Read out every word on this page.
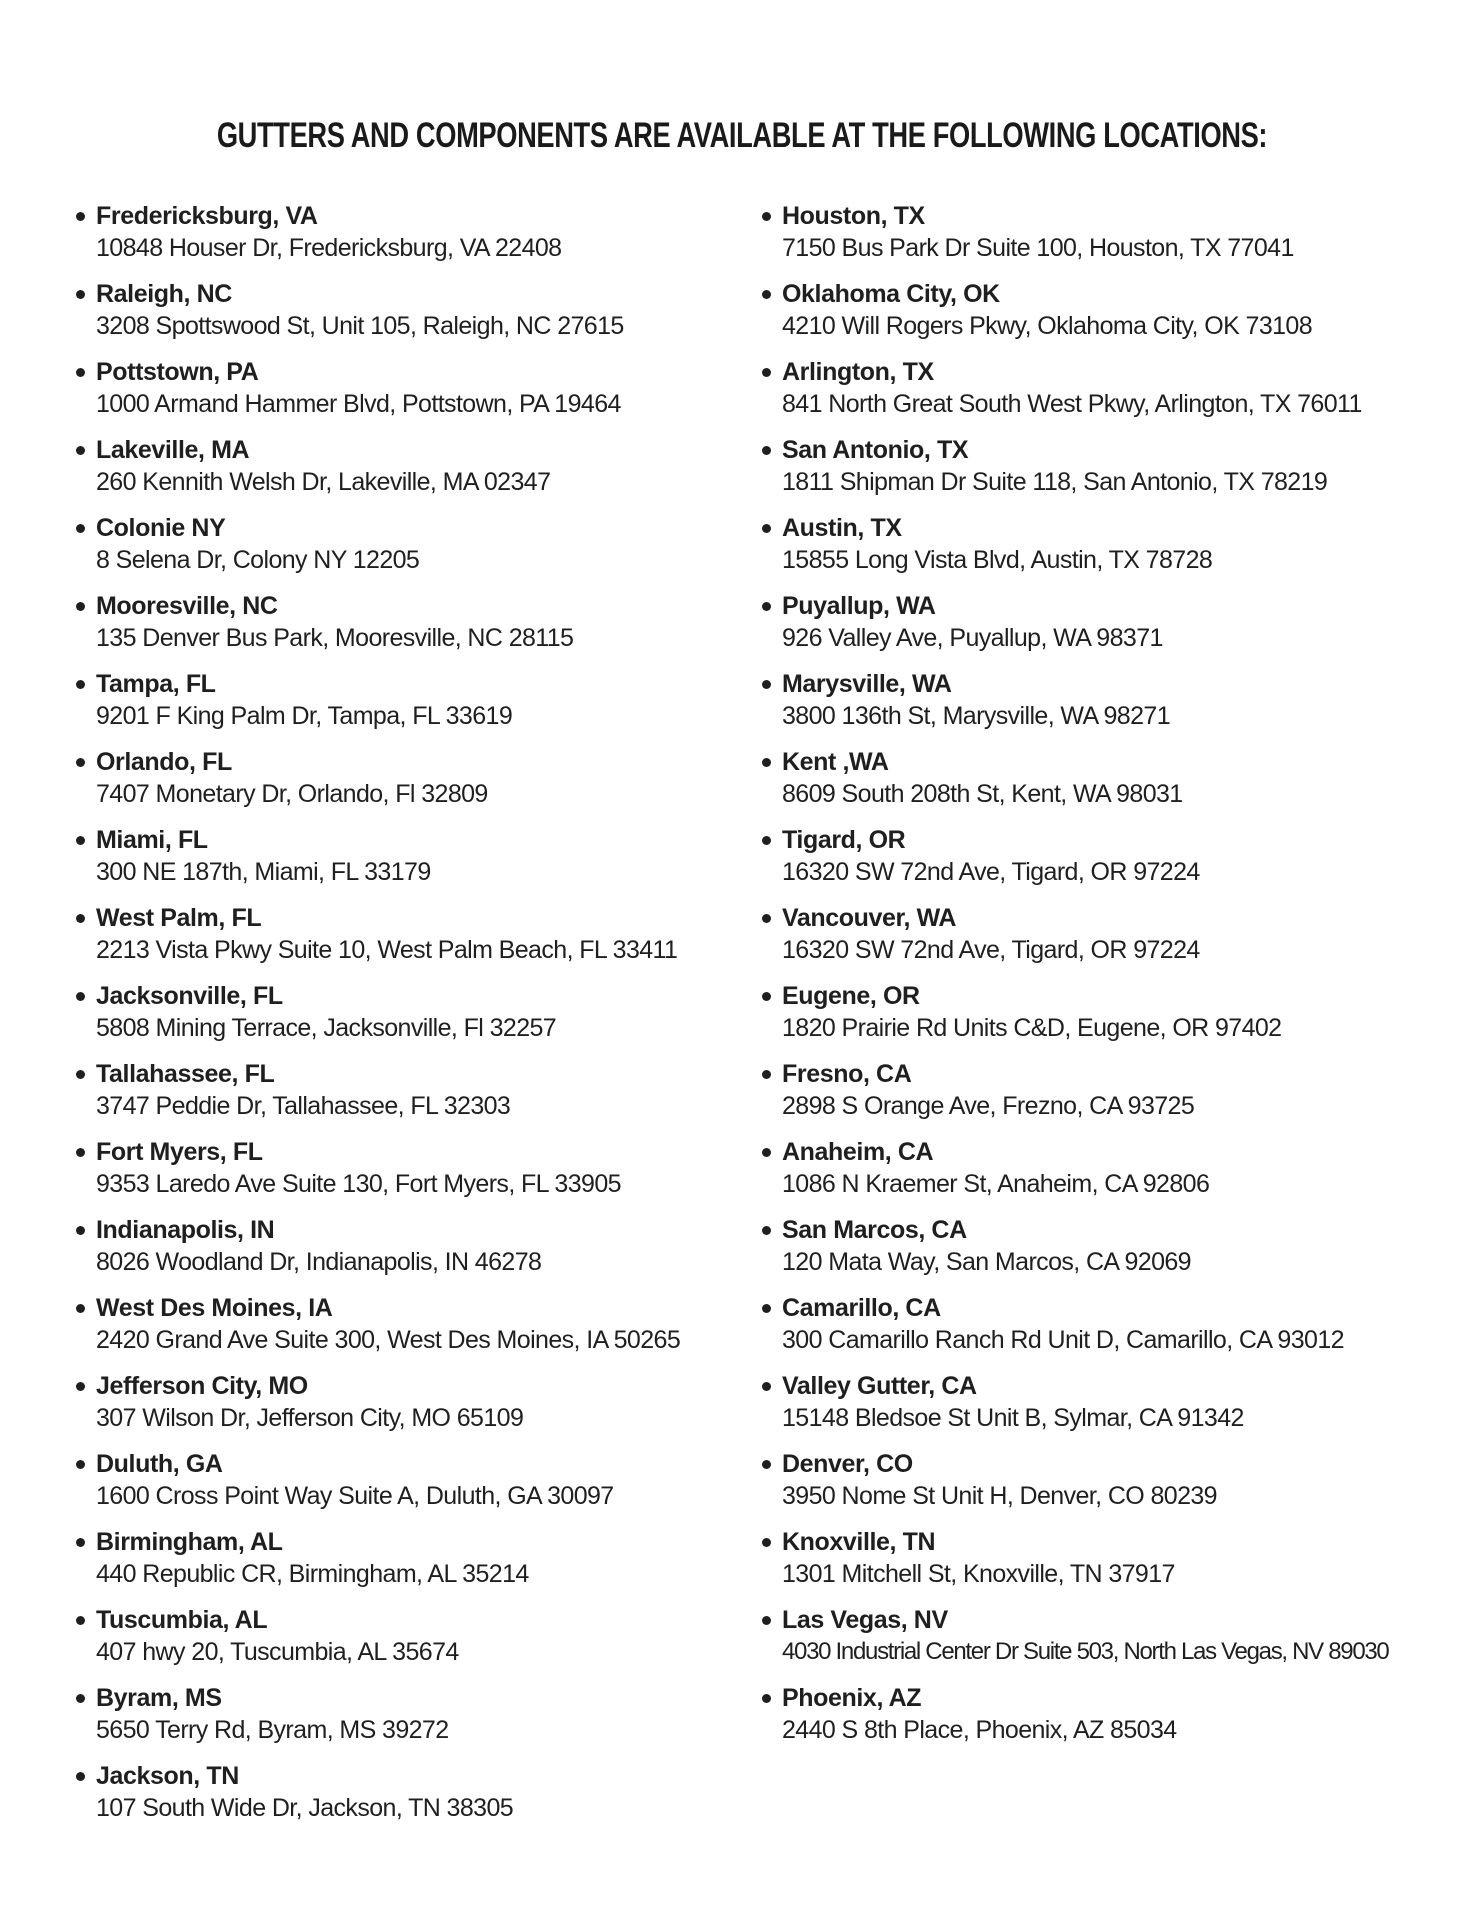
GUTTERS AND COMPONENTS ARE AVAILABLE AT THE FOLLOWING LOCATIONS:
Fredericksburg, VA
10848 Houser Dr, Fredericksburg, VA 22408
Raleigh, NC
3208 Spottswood St, Unit 105, Raleigh, NC 27615
Pottstown, PA
1000 Armand Hammer Blvd, Pottstown, PA 19464
Lakeville, MA
260 Kennith Welsh Dr, Lakeville, MA 02347
Colonie NY
8 Selena Dr, Colony NY 12205
Mooresville, NC
135 Denver Bus Park, Mooresville, NC 28115
Tampa, FL
9201 F King Palm Dr, Tampa, FL 33619
Orlando, FL
7407 Monetary Dr, Orlando, Fl 32809
Miami, FL
300 NE 187th, Miami, FL 33179
West Palm, FL
2213 Vista Pkwy Suite 10, West Palm Beach, FL 33411
Jacksonville, FL
5808 Mining Terrace, Jacksonville, Fl 32257
Tallahassee, FL
3747 Peddie Dr, Tallahassee, FL 32303
Fort Myers, FL
9353 Laredo Ave Suite 130, Fort Myers, FL 33905
Indianapolis, IN
8026 Woodland Dr, Indianapolis, IN 46278
West Des Moines, IA
2420 Grand Ave Suite 300, West Des Moines, IA 50265
Jefferson City, MO
307 Wilson Dr, Jefferson City, MO 65109
Duluth, GA
1600 Cross Point Way Suite A, Duluth, GA 30097
Birmingham, AL
440 Republic CR, Birmingham, AL 35214
Tuscumbia, AL
407 hwy 20, Tuscumbia, AL 35674
Byram, MS
5650 Terry Rd, Byram, MS 39272
Jackson, TN
107 South Wide Dr, Jackson, TN 38305
Houston, TX
7150 Bus Park Dr Suite 100, Houston, TX 77041
Oklahoma City, OK
4210 Will Rogers Pkwy, Oklahoma City, OK 73108
Arlington, TX
841 North Great South West Pkwy, Arlington, TX 76011
San Antonio, TX
1811 Shipman Dr Suite 118, San Antonio, TX 78219
Austin, TX
15855 Long Vista Blvd, Austin, TX 78728
Puyallup, WA
926 Valley Ave, Puyallup, WA 98371
Marysville, WA
3800 136th St, Marysville, WA 98271
Kent ,WA
8609 South 208th St, Kent, WA 98031
Tigard, OR
16320 SW 72nd Ave, Tigard, OR 97224
Vancouver, WA
16320 SW 72nd Ave, Tigard, OR 97224
Eugene, OR
1820 Prairie Rd Units C&D, Eugene, OR 97402
Fresno, CA
2898 S Orange Ave, Frezno, CA 93725
Anaheim, CA
1086 N Kraemer St, Anaheim, CA 92806
San Marcos, CA
120 Mata Way, San Marcos, CA 92069
Camarillo, CA
300 Camarillo Ranch Rd Unit D, Camarillo, CA 93012
Valley Gutter, CA
15148 Bledsoe St Unit B, Sylmar, CA 91342
Denver, CO
3950 Nome St Unit H, Denver, CO 80239
Knoxville, TN
1301 Mitchell St, Knoxville, TN 37917
Las Vegas, NV
4030 Industrial Center Dr Suite 503, North Las Vegas, NV 89030
Phoenix, AZ
2440 S 8th Place, Phoenix, AZ 85034
